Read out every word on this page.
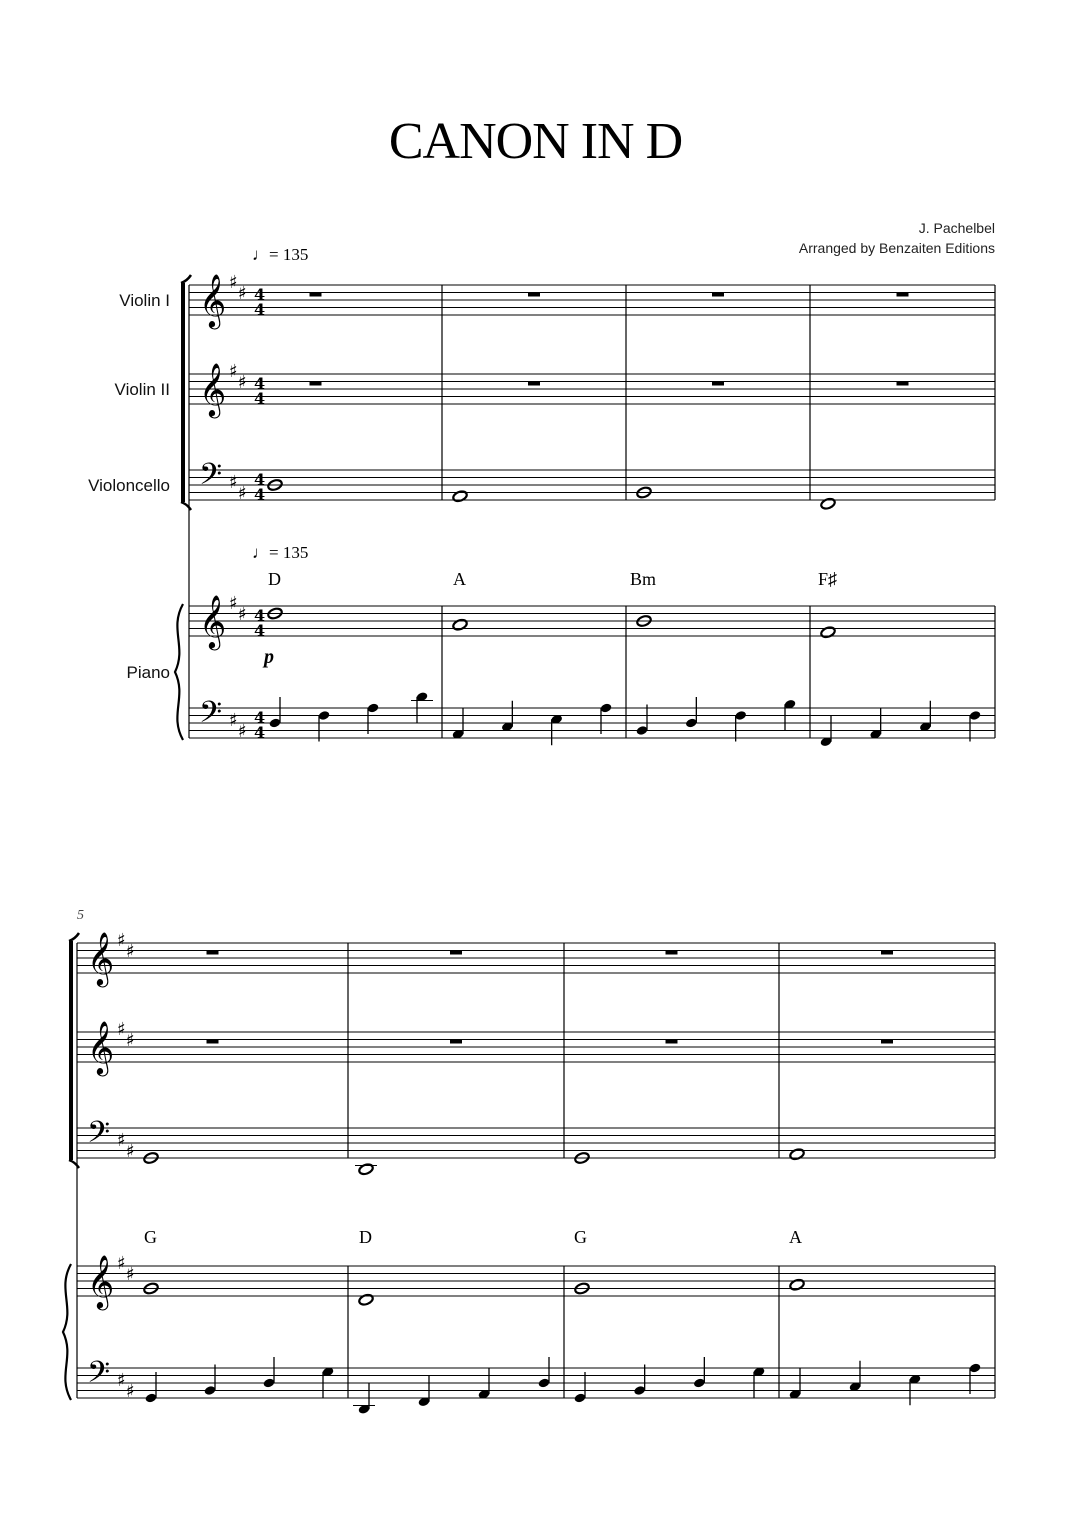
CANON IN D
J. Pachelbel
Arranged by Benzaiten Editions
Violin I
Violin II
Violoncello
Piano
♩= 135
♩= 135
D	A	Bm	F♯
G	D	G	A
p
5
𝄞 ♯
♯ 4
4
𝄞 ♯
♯ 4
4
𝄢 ♯
♯
4
4
𝄞 ♯
♯ 4
4
𝄢 ♯
♯
4
4
𝄞 ♯
♯
𝄞 ♯
♯
𝄢 ♯
♯
𝄞 ♯
♯
𝄢 ♯
♯
